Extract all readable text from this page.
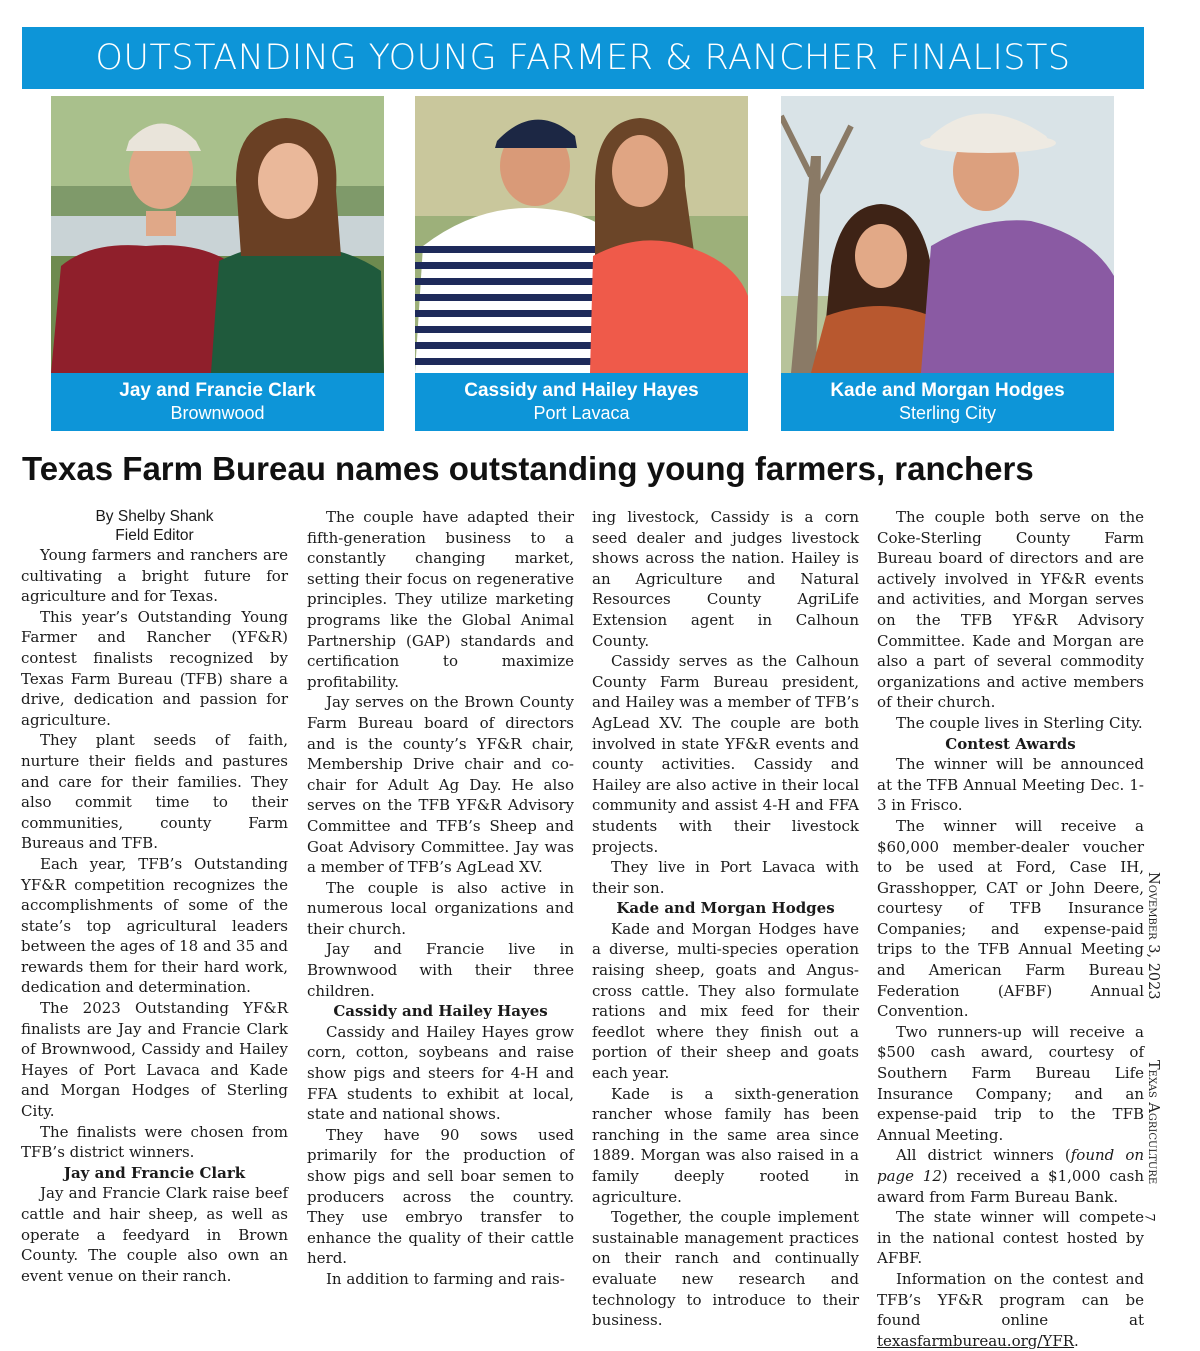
OUTSTANDING YOUNG FARMER & RANCHER FINALISTS
Jay and Francie Clark
Brownwood
Cassidy and Hailey Hayes
Port Lavaca
Kade and Morgan Hodges
Sterling City
Texas Farm Bureau names outstanding young farmers, ranchers
By Shelby Shank
Field Editor

Young farmers and ranchers are cultivating a bright future for agriculture and for Texas.

This year’s Outstanding Young Farmer and Rancher (YF&R) contest finalists recognized by Texas Farm Bureau (TFB) share a drive, dedication and passion for agriculture.

They plant seeds of faith, nurture their fields and pastures and care for their families. They also commit time to their communities, county Farm Bureaus and TFB.

Each year, TFB’s Outstanding YF&R competition recognizes the accomplishments of some of the state’s top agricultural leaders between the ages of 18 and 35 and rewards them for their hard work, dedication and determination.

The 2023 Outstanding YF&R finalists are Jay and Francie Clark of Brownwood, Cassidy and Hailey Hayes of Port Lavaca and Kade and Morgan Hodges of Sterling City.

The finalists were chosen from TFB’s district winners.

Jay and Francie Clark

Jay and Francie Clark raise beef cattle and hair sheep, as well as operate a feedyard in Brown County. The couple also own an event venue on their ranch.

The couple have adapted their fifth-generation business to a constantly changing market, setting their focus on regenerative principles. They utilize marketing programs like the Global Animal Partnership (GAP) standards and certification to maximize profitability.

Jay serves on the Brown County Farm Bureau board of directors and is the county’s YF&R chair, Membership Drive chair and co-chair for Adult Ag Day. He also serves on the TFB YF&R Advisory Committee and TFB’s Sheep and Goat Advisory Committee. Jay was a member of TFB’s AgLead XV.

The couple is also active in numerous local organizations and their church.

Jay and Francie live in Brownwood with their three children.

Cassidy and Hailey Hayes

Cassidy and Hailey Hayes grow corn, cotton, soybeans and raise show pigs and steers for 4-H and FFA students to exhibit at local, state and national shows.

They have 90 sows used primarily for the production of show pigs and sell boar semen to producers across the country. They use embryo transfer to enhance the quality of their cattle herd.

In addition to farming and rais-

ing livestock, Cassidy is a corn seed dealer and judges livestock shows across the nation. Hailey is an Agriculture and Natural Resources County AgriLife Extension agent in Calhoun County.

Cassidy serves as the Calhoun County Farm Bureau president, and Hailey was a member of TFB’s AgLead XV. The couple are both involved in state YF&R events and county activities. Cassidy and Hailey are also active in their local community and assist 4-H and FFA students with their livestock projects.

They live in Port Lavaca with their son.

Kade and Morgan Hodges

Kade and Morgan Hodges have a diverse, multi-species operation raising sheep, goats and Angus-cross cattle. They also formulate rations and mix feed for their feedlot where they finish out a portion of their sheep and goats each year.

Kade is a sixth-generation rancher whose family has been ranching in the same area since 1889. Morgan was also raised in a family deeply rooted in agriculture.

Together, the couple implement sustainable management practices on their ranch and continually evaluate new research and technology to introduce to their business.

The couple both serve on the Coke-Sterling County Farm Bureau board of directors and are actively involved in YF&R events and activities, and Morgan serves on the TFB YF&R Advisory Committee. Kade and Morgan are also a part of several commodity organizations and active members of their church.

The couple lives in Sterling City.

Contest Awards

The winner will be announced at the TFB Annual Meeting Dec. 1-3 in Frisco.

The winner will receive a $60,000 member-dealer voucher to be used at Ford, Case IH, Grasshopper, CAT or John Deere, courtesy of TFB Insurance Companies; and expense-paid trips to the TFB Annual Meeting and American Farm Bureau Federation (AFBF) Annual Convention.

Two runners-up will receive a $500 cash award, courtesy of Southern Farm Bureau Life Insurance Company; and an expense-paid trip to the TFB Annual Meeting.

All district winners (found on page 12) received a $1,000 cash award from Farm Bureau Bank.

The state winner will compete in the national contest hosted by AFBF.

Information on the contest and TFB’s YF&R program can be found online at texasfarmbureau.org/YFR.

November 3, 2023
Texas Agriculture
7
